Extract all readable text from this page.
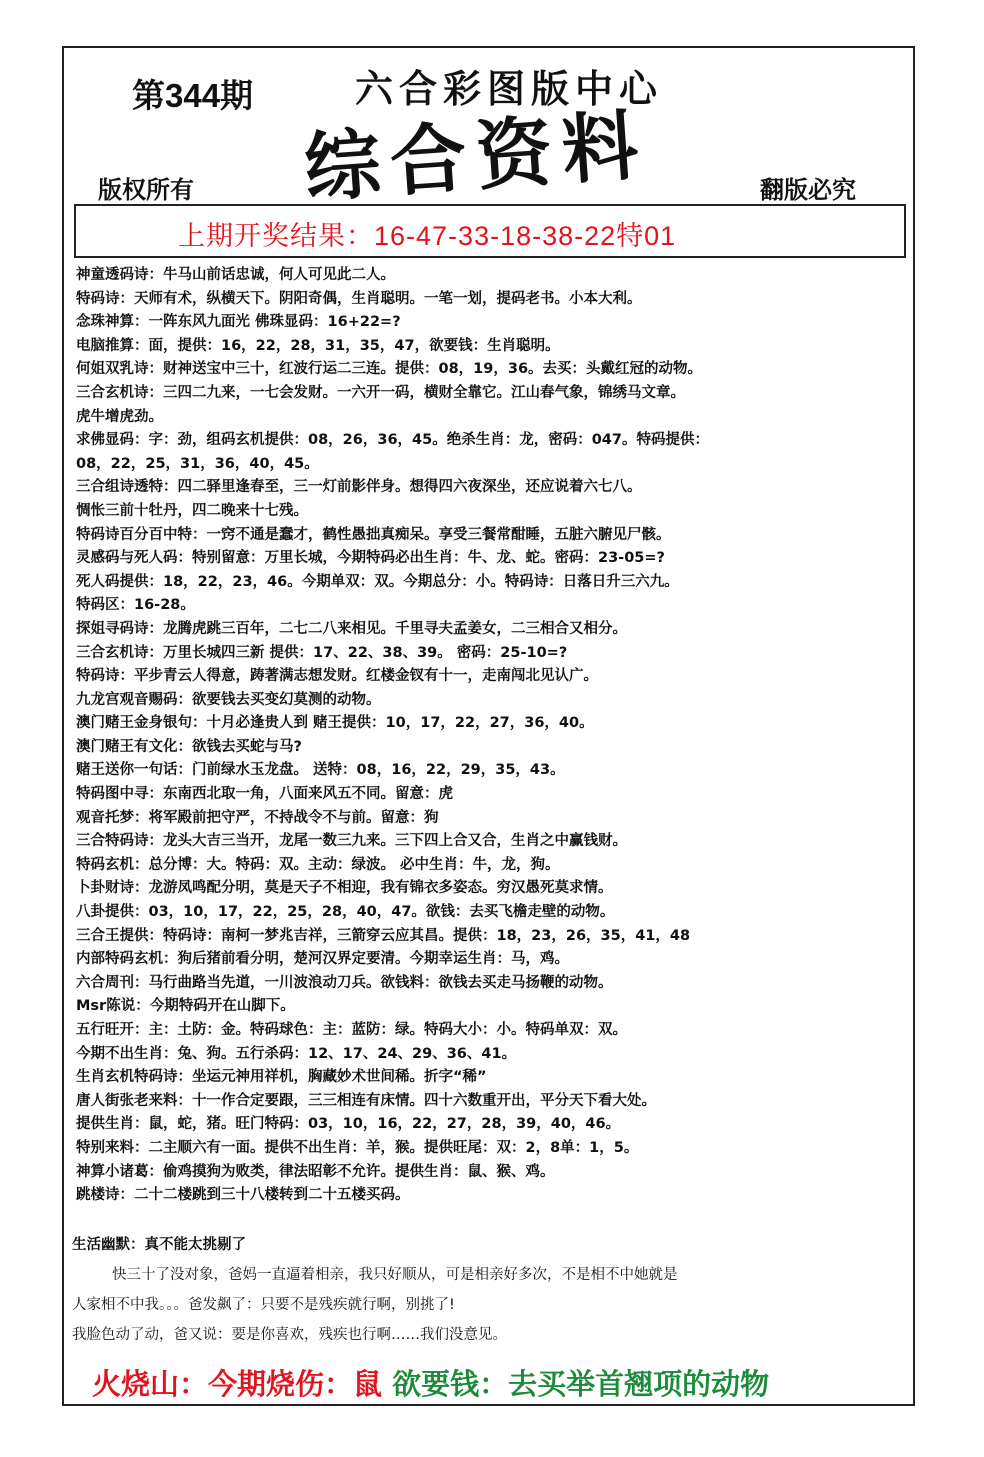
第344期	六合彩图版中心
综合资料
版权所有	翻版必究
上期开奖结果：16-47-33-18-38-22特01
神童透码诗：牛马山前话忠诚，何人可见此二人。
特码诗：天师有术，纵横天下。阴阳奇偶，生肖聪明。一笔一划，提码老书。小本大利。
念珠神算：一阵东风九面光 佛珠显码：16+22=?
电脑推算：面，提供：16，22，28，31，35，47，欲要钱：生肖聪明。
何姐双乳诗：财神送宝中三十，红波行运二三连。提供：08，19，36。去买：头戴红冠的动物。
三合玄机诗：三四二九来，一七会发财。一六开一码，横财全靠它。江山春气象，锦绣马文章。
虎牛增虎劲。
求佛显码：字：劲，组码玄机提供：08，26，36，45。绝杀生肖：龙，密码：047。特码提供：
08，22，25，31，36，40，45。
三合组诗透特：四二驿里逢春至，三一灯前影伴身。想得四六夜深坐，还应说着六七八。
惆怅三前十牡丹，四二晚来十七残。
特码诗百分百中特：一窍不通是蠢才，鹤性愚拙真痴呆。享受三餐常酣睡，五脏六腑见尸骸。
灵感码与死人码：特别留意：万里长城，今期特码必出生肖：牛、龙、蛇。密码：23-05=?
死人码提供：18，22，23，46。今期单双：双。今期总分：小。特码诗：日落日升三六九。
特码区：16-28。
探姐寻码诗：龙腾虎跳三百年，二七二八来相见。千里寻夫孟姜女，二三相合又相分。
三合玄机诗：万里长城四三新 提供：17、22、38、39。 密码：25-10=?
特码诗：平步青云人得意，踌著满志想发财。红楼金钗有十一，走南闯北见认广。
九龙宫观音赐码：欲要钱去买变幻莫测的动物。
澳门赌王金身银句：十月必逢贵人到 赌王提供：10，17，22，27，36，40。
澳门赌王有文化：欲钱去买蛇与马?
赌王送你一句话：门前绿水玉龙盘。 送特：08，16，22，29，35，43。
特码图中寻：东南西北取一角，八面来风五不同。留意：虎
观音托梦：将军殿前把守严，不持战令不与前。留意：狗
三合特码诗：龙头大吉三当开，龙尾一数三九来。三下四上合又合，生肖之中赢钱财。
特码玄机：总分博：大。特码：双。主动：绿波。 必中生肖：牛，龙，狗。
卜卦财诗：龙游凤鸣配分明，莫是天子不相迎，我有锦衣多姿态。穷汉愚死莫求情。
八卦提供：03，10，17，22，25，28，40，47。欲钱：去买飞檐走壁的动物。
三合王提供：特码诗：南柯一梦兆吉祥，三箭穿云应其昌。提供：18，23，26，35，41，48
内部特码玄机：狗后猪前看分明，楚河汉界定要清。今期幸运生肖：马，鸡。
六合周刊：马行曲路当先道，一川波浪动刀兵。欲钱料：欲钱去买走马扬鞭的动物。
Msr陈说：今期特码开在山脚下。
五行旺开：主：土防：金。特码球色：主：蓝防：绿。特码大小：小。特码单双：双。
今期不出生肖：兔、狗。五行杀码：12、17、24、29、36、41。
生肖玄机特码诗：坐运元神用祥机，胸藏妙术世间稀。折字“稀”
唐人街张老来料：十一作合定要跟，三三相连有床情。四十六数重开出，平分天下看大处。
提供生肖：鼠，蛇，猪。旺门特码：03，10，16，22，27，28，39，40，46。
特别来料：二主顺六有一面。提供不出生肖：羊，猴。提供旺尾：双：2，8单：1，5。
神算小诸葛：偷鸡摸狗为败类，律法昭彰不允许。提供生肖：鼠、猴、鸡。
跳楼诗：二十二楼跳到三十八楼转到二十五楼买码。
生活幽默：真不能太挑剔了
快三十了没对象，爸妈一直逼着相亲，我只好顺从，可是相亲好多次，不是相不中她就是
人家相不中我。。。爸发飙了：只要不是残疾就行啊，别挑了!
我脸色动了动，爸又说：要是你喜欢，残疾也行啊……我们没意见。
火烧山：今期烧伤：鼠 欲要钱：去买举首翘项的动物
